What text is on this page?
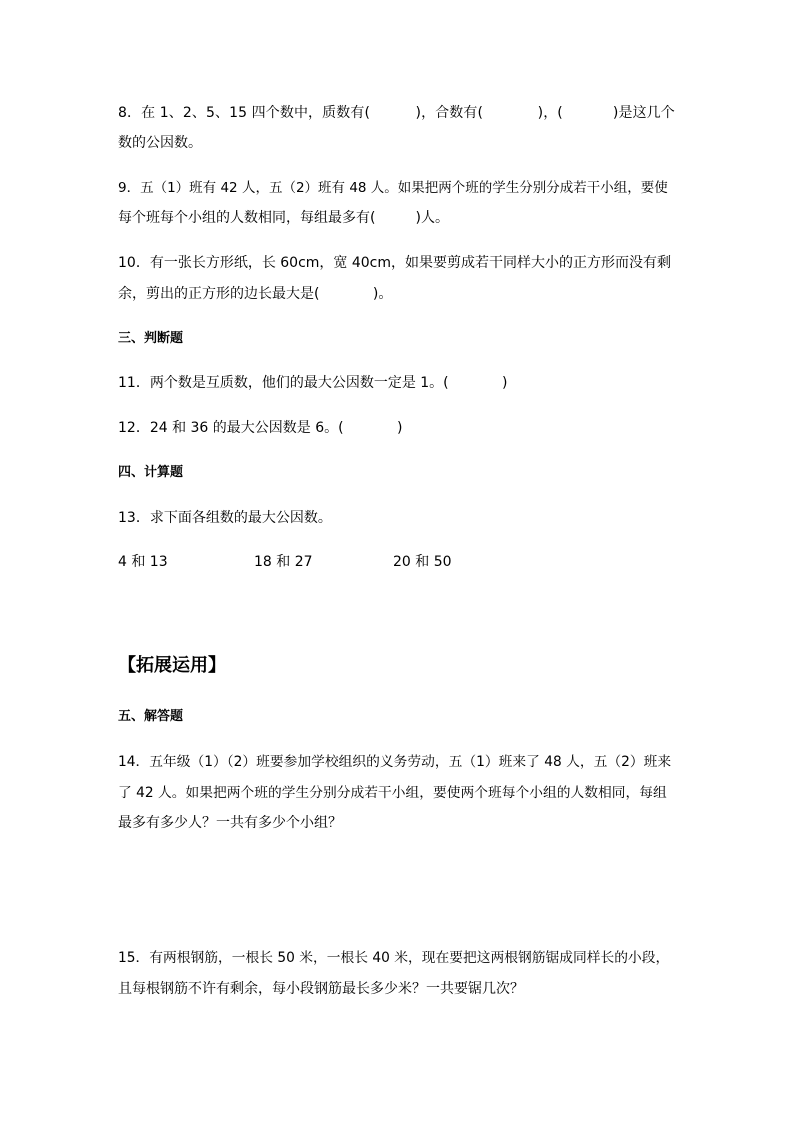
8．在 1、2、5、15 四个数中，质数有(          )，合数有(            )，(           )是这几个
数的公因数。
9．五（1）班有 42 人，五（2）班有 48 人。如果把两个班的学生分别分成若干小组，要使
每个班每个小组的人数相同，每组最多有(         )人。
10．有一张长方形纸，长 60cm，宽 40cm，如果要剪成若干同样大小的正方形而没有剩
余，剪出的正方形的边长最大是(            )。
三、判断题
11．两个数是互质数，他们的最大公因数一定是 1。(            )
12．24 和 36 的最大公因数是 6。(            )
四、计算题
13．求下面各组数的最大公因数。
4 和 13	18 和 27	20 和 50
【拓展运用】
五、解答题
14．五年级（1）（2）班要参加学校组织的义务劳动，五（1）班来了 48 人，五（2）班来
了 42 人。如果把两个班的学生分别分成若干小组，要使两个班每个小组的人数相同，每组
最多有多少人？一共有多少个小组？
15．有两根钢筋，一根长 50 米，一根长 40 米，现在要把这两根钢筋锯成同样长的小段，
且每根钢筋不许有剩余，每小段钢筋最长多少米？一共要锯几次？
